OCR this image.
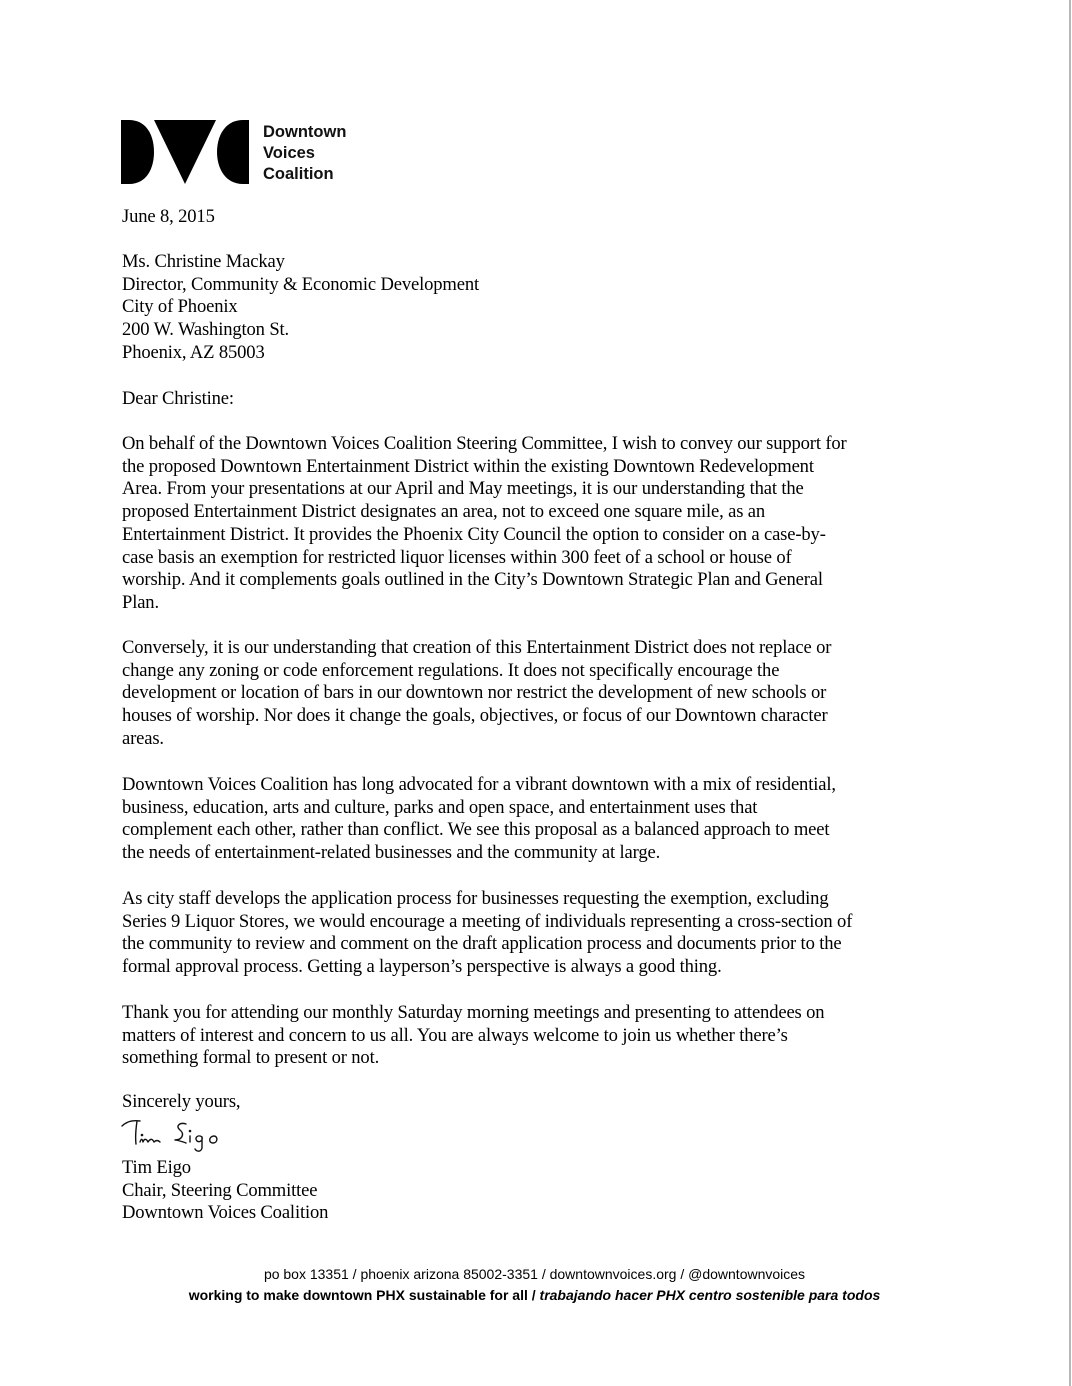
Downtown
Voices
Coalition
June 8, 2015
Ms. Christine Mackay
Director, Community & Economic Development
City of Phoenix
200 W. Washington St.
Phoenix, AZ 85003
Dear Christine:
On behalf of the Downtown Voices Coalition Steering Committee, I wish to convey our support for
the proposed Downtown Entertainment District within the existing Downtown Redevelopment
Area. From your presentations at our April and May meetings, it is our understanding that the
proposed Entertainment District designates an area, not to exceed one square mile, as an
Entertainment District. It provides the Phoenix City Council the option to consider on a case-by-
case basis an exemption for restricted liquor licenses within 300 feet of a school or house of
worship. And it complements goals outlined in the City’s Downtown Strategic Plan and General
Plan.
Conversely, it is our understanding that creation of this Entertainment District does not replace or
change any zoning or code enforcement regulations. It does not specifically encourage the
development or location of bars in our downtown nor restrict the development of new schools or
houses of worship. Nor does it change the goals, objectives, or focus of our Downtown character
areas.
Downtown Voices Coalition has long advocated for a vibrant downtown with a mix of residential,
business, education, arts and culture, parks and open space, and entertainment uses that
complement each other, rather than conflict. We see this proposal as a balanced approach to meet
the needs of entertainment-related businesses and the community at large.
As city staff develops the application process for businesses requesting the exemption, excluding
Series 9 Liquor Stores, we would encourage a meeting of individuals representing a cross-section of
the community to review and comment on the draft application process and documents prior to the
formal approval process. Getting a layperson’s perspective is always a good thing.
Thank you for attending our monthly Saturday morning meetings and presenting to attendees on
matters of interest and concern to us all. You are always welcome to join us whether there’s
something formal to present or not.
Sincerely yours,
Tim Eigo
Chair, Steering Committee
Downtown Voices Coalition
po box 13351 / phoenix arizona 85002-3351 / downtownvoices.org / @downtownvoices
working to make downtown PHX sustainable for all / trabajando hacer PHX centro sostenible para todos
